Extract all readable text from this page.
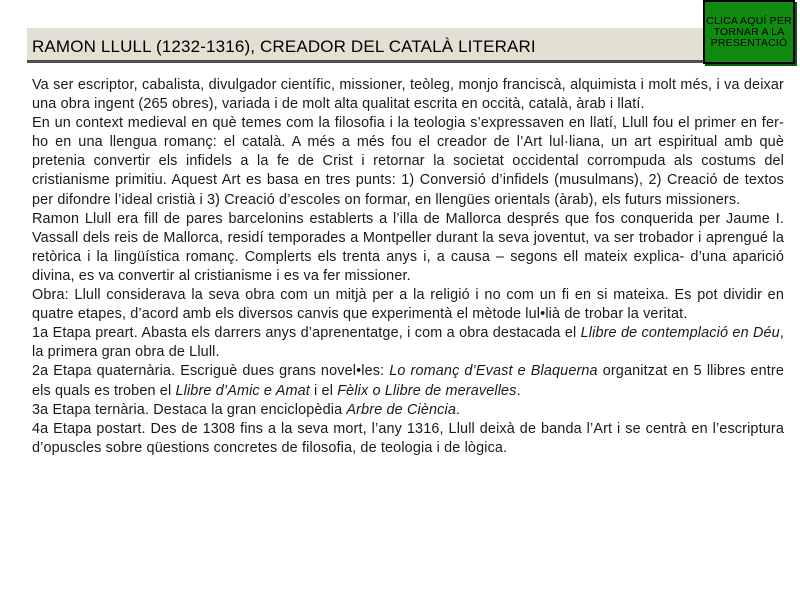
RAMON LLULL (1232-1316), CREADOR DEL CATALÀ LITERARI
CLICA AQUÍ PER TORNAR A LA PRESENTACIÓ

Va ser escriptor, cabalista, divulgador científic, missioner, teòleg, monjo franciscà, alquimista i molt més, i va deixar una obra ingent (265 obres), variada i de molt alta qualitat escrita en occità, català, àrab i llatí.

En un context medieval en què temes com la filosofia i la teologia s’expressaven en llatí, Llull fou el primer en fer-ho en una llengua romanç: el català. A més a més fou el creador de l’Art lul·liana, un art espiritual amb què pretenia convertir els infidels a la fe de Crist i retornar la societat occidental corrompuda als costums del cristianisme primitiu. Aquest Art es basa en tres punts: 1) Conversió d’infidels (musulmans), 2) Creació de textos per difondre l’ideal cristià i 3) Creació d’escoles on formar, en llengües orientals (àrab), els futurs missioners.

Ramon Llull era fill de pares barcelonins establerts a l’illa de Mallorca després que fos conquerida per Jaume I. Vassall dels reis de Mallorca, residí temporades a Montpeller durant la seva joventut, va ser trobador i aprengué la retòrica i la lingüística romanç. Complerts els trenta anys i, a causa – segons ell mateix explica- d’una aparició divina, es va convertir al cristianisme i es va fer missioner.

Obra: Llull considerava la seva obra com un mitjà per a la religió i no com un fi en si mateixa. Es pot dividir en quatre etapes, d’acord amb els diversos canvis que experimentà el mètode lul•lià de trobar la veritat.

1a Etapa preart. Abasta els darrers anys d’aprenentatge, i com a obra destacada el Llibre de contemplació en Déu, la primera gran obra de Llull.

2a Etapa quaternària. Escriguè dues grans novel•les: Lo romanç d’Evast e Blaquerna organitzat en 5 llibres entre els quals es troben el Llibre d’Amic e Amat i el Fèlix o Llibre de meravelles.

3a Etapa ternària. Destaca la gran enciclopèdia Arbre de Ciència.

4a Etapa postart. Des de 1308 fins a la seva mort, l’any 1316, Llull deixà de banda l’Art i se centrà en l’escriptura d’opuscles sobre qüestions concretes de filosofia, de teologia i de lògica.
